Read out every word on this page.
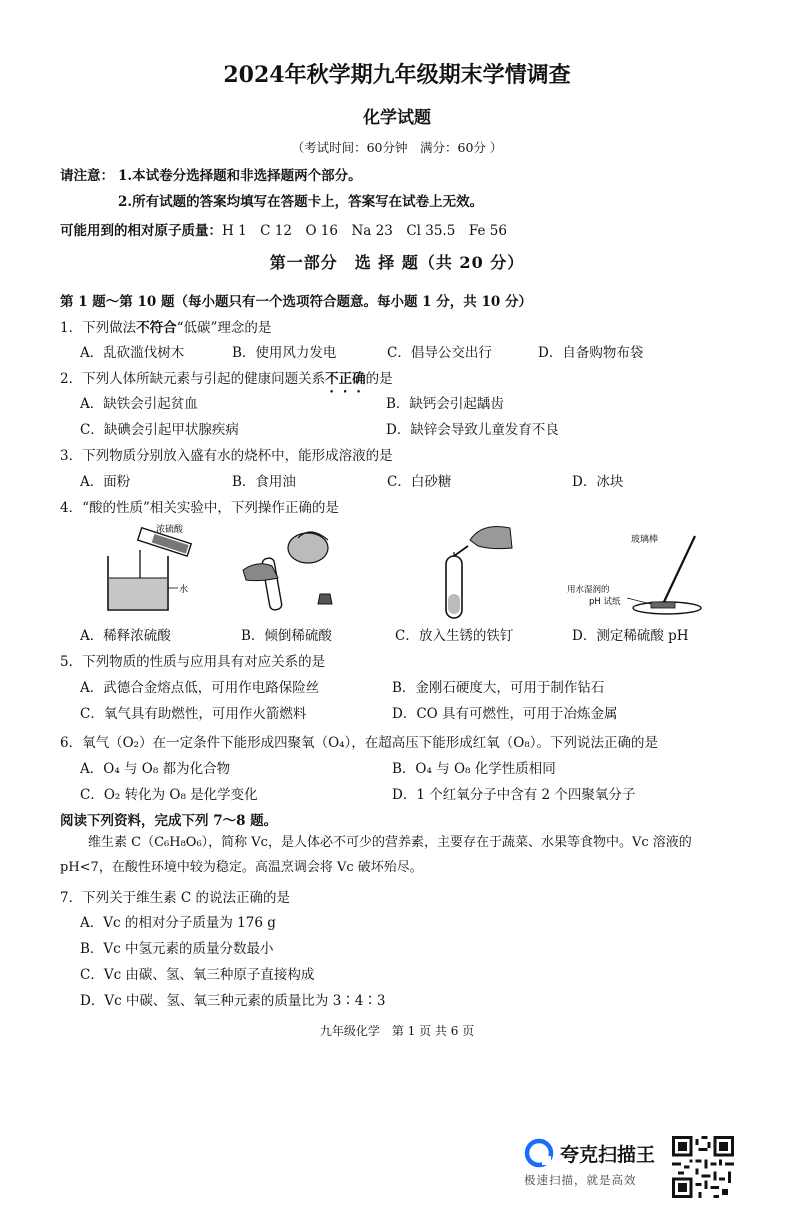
2024年秋学期九年级期末学情调查
化学试题
（考试时间：60分钟　满分：60分 ）
请注意： 1.本试卷分选择题和非选择题两个部分。
2.所有试题的答案均填写在答题卡上，答案写在试卷上无效。
可能用到的相对原子质量：H 1　C 12　O 16　Na 23　Cl 35.5　Fe 56
第一部分　选 择 题（共 20 分）
第 1 题～第 10 题（每小题只有一个选项符合题意。每小题 1 分，共 10 分）
1．下列做法不符合“低碳”理念的是
A．乱砍滥伐树木	B．使用风力发电	C．倡导公交出行	D．自备购物布袋
2．下列人体所缺元素与引起的健康问题关系不正确的是
A．缺铁会引起贫血	B．缺钙会引起龋齿
C．缺碘会引起甲状腺疾病	D．缺锌会导致儿童发育不良
3．下列物质分别放入盛有水的烧杯中，能形成溶液的是
A．面粉	B．食用油	C．白砂糖	D．冰块
4．“酸的性质”相关实验中，下列操作正确的是
浓硫酸
水
玻璃棒
用水湿润的
pH 试纸
A．稀释浓硫酸	B．倾倒稀硫酸	C．放入生锈的铁钉	D．测定稀硫酸 pH
5．下列物质的性质与应用具有对应关系的是
A．武德合金熔点低，可用作电路保险丝	B．金刚石硬度大，可用于制作钻石
C．氧气具有助燃性，可用作火箭燃料	D．CO 具有可燃性，可用于冶炼金属
6．氧气（O₂）在一定条件下能形成四聚氧（O₄），在超高压下能形成红氧（O₈）。下列说法正确的是
A．O₄ 与 O₈ 都为化合物	B．O₄ 与 O₈ 化学性质相同
C．O₂ 转化为 O₈ 是化学变化	D．1 个红氧分子中含有 2 个四聚氧分子
阅读下列资料，完成下列 7～8 题。
维生素 C（C₆H₈O₆），简称 Vc，是人体必不可少的营养素，主要存在于蔬菜、水果等食物中。Vc 溶液的 pH<7，在酸性环境中较为稳定。高温烹调会将 Vc 破坏殆尽。
7．下列关于维生素 C 的说法正确的是
A．Vc 的相对分子质量为 176 g
B．Vc 中氢元素的质量分数最小
C．Vc 由碳、氢、氧三种原子直接构成
D．Vc 中碳、氢、氧三种元素的质量比为 3∶4∶3
九年级化学　第 1 页 共 6 页
夸克扫描王
极速扫描，就是高效
